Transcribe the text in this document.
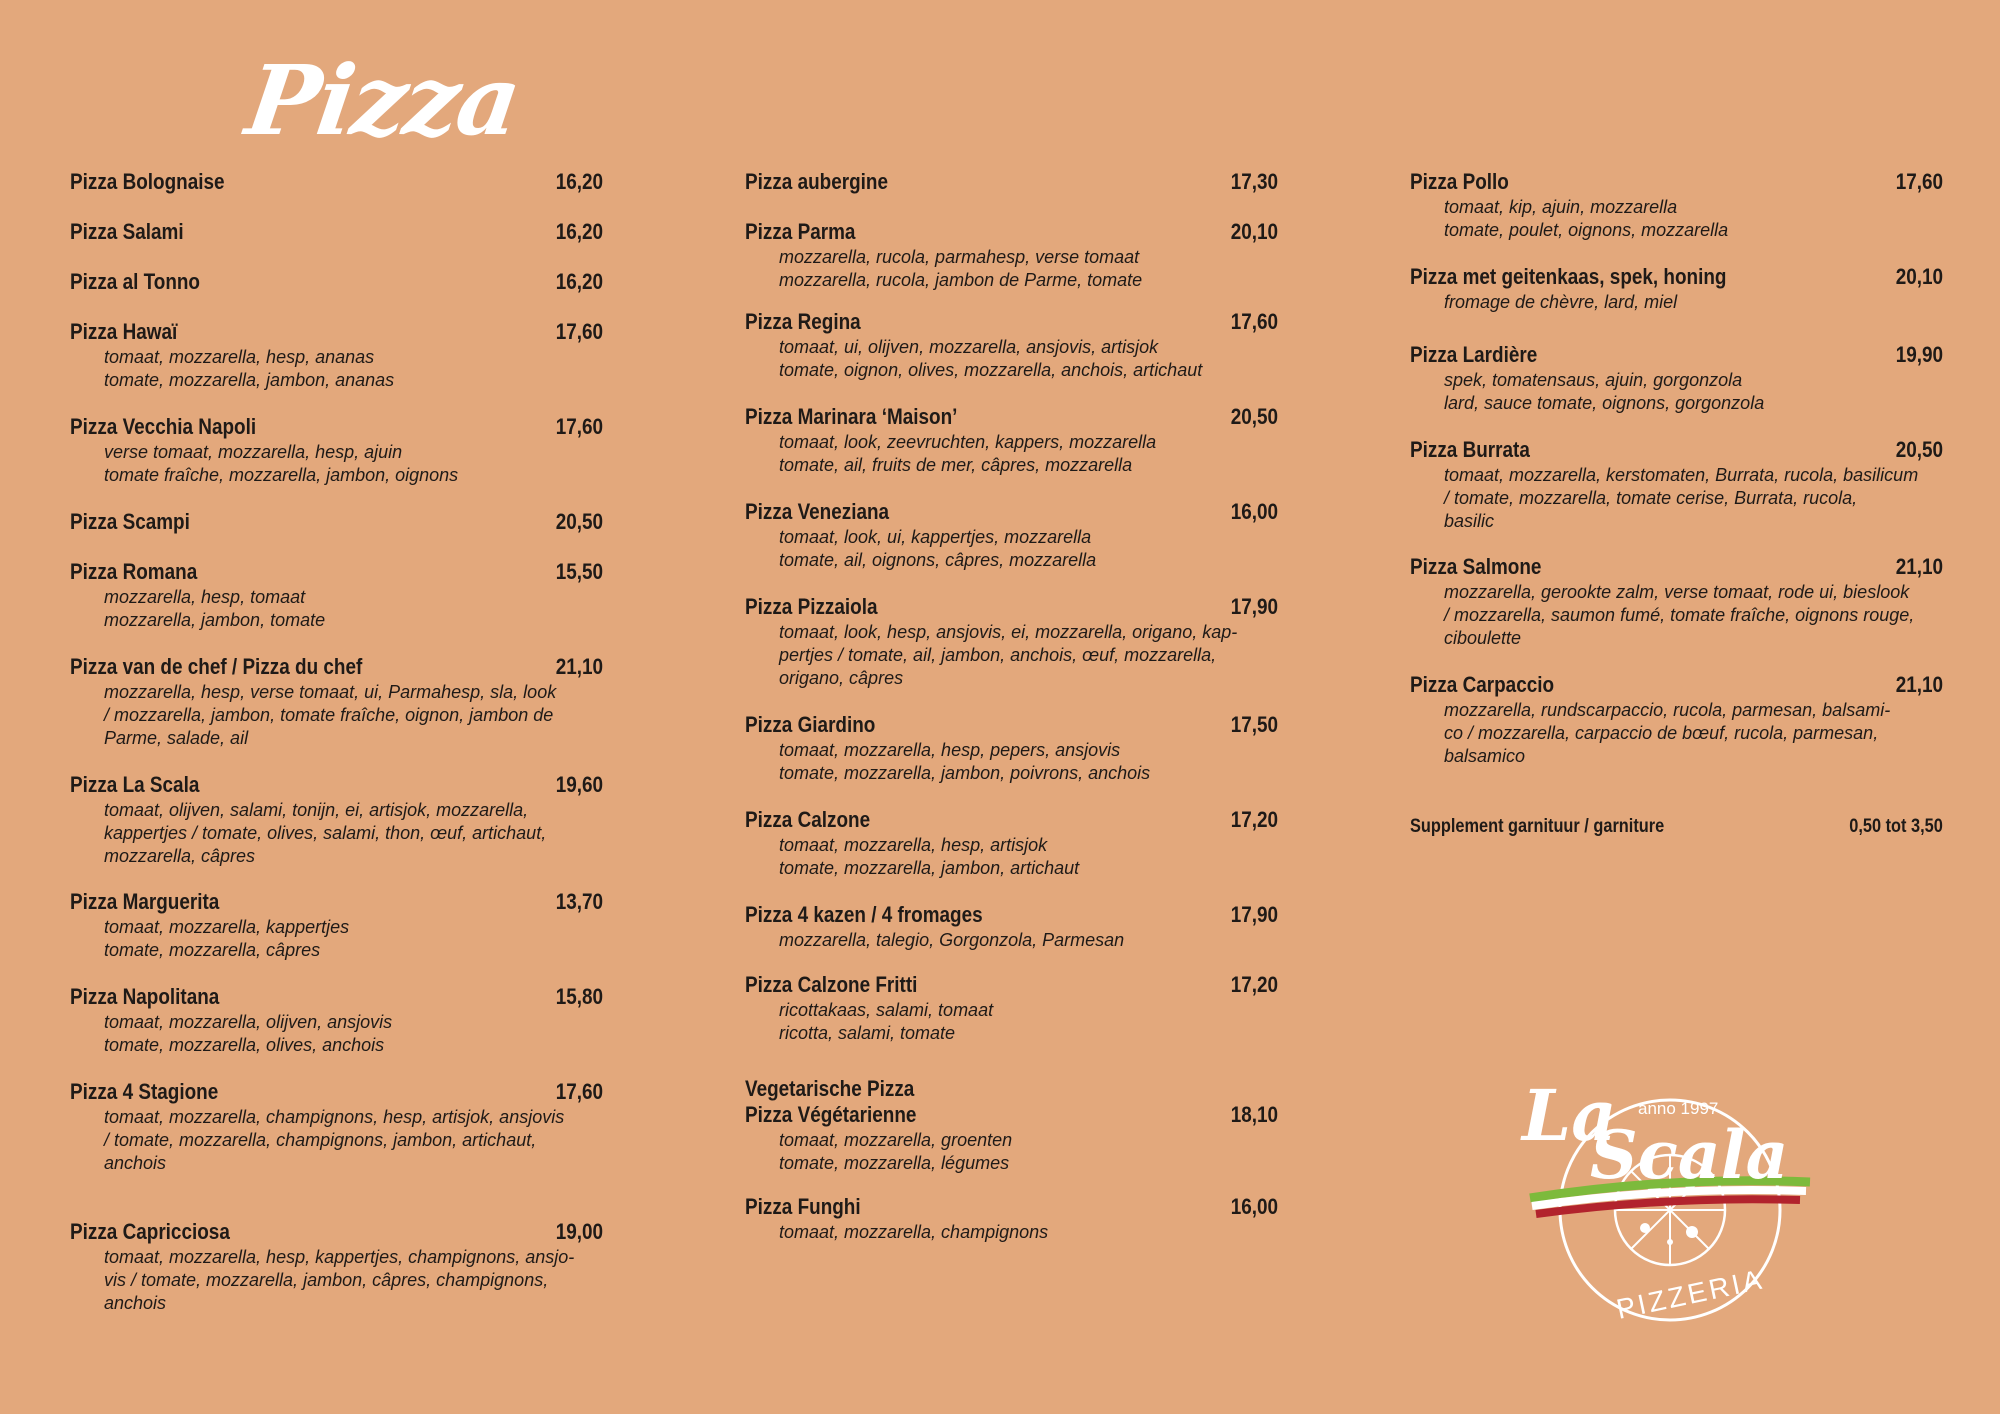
Pizza
Pizza Bolognaise	16,20
Pizza Salami	16,20
Pizza al Tonno	16,20
Pizza Hawaï	17,60
tomaat, mozzarella, hesp, ananas
tomate, mozzarella, jambon, ananas
Pizza Vecchia Napoli	17,60
verse tomaat, mozzarella, hesp, ajuin
tomate fraîche, mozzarella, jambon, oignons
Pizza Scampi	20,50
Pizza Romana	15,50
mozzarella, hesp, tomaat
mozzarella, jambon, tomate
Pizza van de chef / Pizza du chef	21,10
mozzarella, hesp, verse tomaat, ui, Parmahesp, sla, look
/ mozzarella, jambon, tomate fraîche, oignon, jambon de
Parme, salade, ail
Pizza La Scala	19,60
tomaat, olijven, salami, tonijn, ei, artisjok, mozzarella,
kappertjes / tomate, olives, salami, thon, œuf, artichaut,
mozzarella, câpres
Pizza Marguerita	13,70
tomaat, mozzarella, kappertjes
tomate, mozzarella, câpres
Pizza Napolitana	15,80
tomaat, mozzarella, olijven, ansjovis
tomate, mozzarella, olives, anchois
Pizza 4 Stagione	17,60
tomaat, mozzarella, champignons, hesp, artisjok, ansjovis
/ tomate, mozzarella, champignons, jambon, artichaut,
anchois
Pizza Capricciosa	19,00
tomaat, mozzarella, hesp, kappertjes, champignons, ansjo-
vis / tomate, mozzarella, jambon, câpres, champignons,
anchois
Pizza aubergine	17,30
Pizza Parma	20,10
mozzarella, rucola, parmahesp, verse tomaat
mozzarella, rucola, jambon de Parme, tomate
Pizza Regina	17,60
tomaat, ui, olijven, mozzarella, ansjovis, artisjok
tomate, oignon, olives, mozzarella, anchois, artichaut
Pizza Marinara ‘Maison’	20,50
tomaat, look, zeevruchten, kappers, mozzarella
tomate, ail, fruits de mer, câpres, mozzarella
Pizza Veneziana	16,00
tomaat, look, ui, kappertjes, mozzarella
tomate, ail, oignons, câpres, mozzarella
Pizza Pizzaiola	17,90
tomaat, look, hesp, ansjovis, ei, mozzarella, origano, kap-
pertjes / tomate, ail, jambon, anchois, œuf, mozzarella,
origano, câpres
Pizza Giardino	17,50
tomaat, mozzarella, hesp, pepers, ansjovis
tomate, mozzarella, jambon, poivrons, anchois
Pizza Calzone	17,20
tomaat, mozzarella, hesp, artisjok
tomate, mozzarella, jambon, artichaut
Pizza 4 kazen / 4 fromages	17,90
mozzarella, talegio, Gorgonzola, Parmesan
Pizza Calzone Fritti	17,20
ricottakaas, salami, tomaat
ricotta, salami, tomate
Vegetarische Pizza
Pizza Végétarienne	18,10
tomaat, mozzarella, groenten
tomate, mozzarella, légumes
Pizza Funghi	16,00
tomaat, mozzarella, champignons
Pizza Pollo	17,60
tomaat, kip, ajuin, mozzarella
tomate, poulet, oignons, mozzarella
Pizza met geitenkaas, spek, honing	20,10
fromage de chèvre, lard, miel
Pizza Lardière	19,90
spek, tomatensaus, ajuin, gorgonzola
lard, sauce tomate, oignons, gorgonzola
Pizza Burrata	20,50
tomaat, mozzarella, kerstomaten, Burrata, rucola, basilicum
/ tomate, mozzarella, tomate cerise, Burrata, rucola,
basilic
Pizza Salmone	21,10
mozzarella, gerookte zalm, verse tomaat, rode ui, bieslook
/ mozzarella, saumon fumé, tomate fraîche, oignons rouge,
ciboulette
Pizza Carpaccio	21,10
mozzarella, rundscarpaccio, rucola, parmesan, balsami-
co / mozzarella, carpaccio de bœuf, rucola, parmesan,
balsamico
Supplement garnituur / garniture	0,50 tot 3,50
La
Scala
anno 1997
PIZZERIA
